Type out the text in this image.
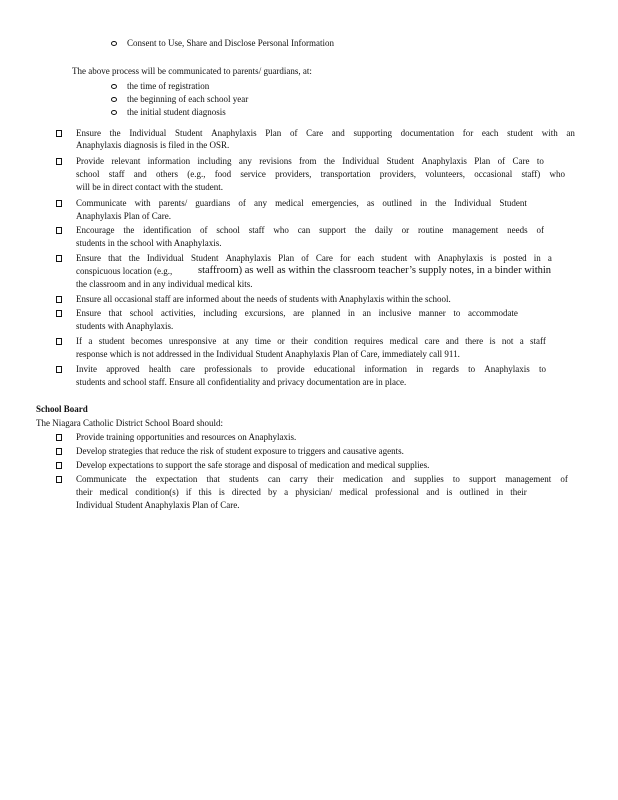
Consent to Use, Share and Disclose Personal Information
The above process will be communicated to parents/ guardians, at:
the time of registration
the beginning of each school year
the initial student diagnosis
Ensure the Individual Student Anaphylaxis Plan of Care and supporting documentation for each student with an
Anaphylaxis diagnosis is filed in the OSR.
Provide relevant information including any revisions from the Individual Student Anaphylaxis Plan of Care to
school staff and others (e.g., food service providers, transportation providers, volunteers, occasional staff) who
will be in direct contact with the student.
Communicate with parents/ guardians of any medical emergencies, as outlined in the Individual Student
Anaphylaxis Plan of Care.
Encourage the identification of school staff who can support the daily or routine management needs of
students in the school with Anaphylaxis.
Ensure that the Individual Student Anaphylaxis Plan of Care for each student with Anaphylaxis is posted in a
conspicuous location (e.g., staffroom) as well as within the classroom teacher’s supply notes, in a binder within
the classroom and in any individual medical kits.
Ensure all occasional staff are informed about the needs of students with Anaphylaxis within the school.
Ensure that school activities, including excursions, are planned in an inclusive manner to accommodate
students with Anaphylaxis.
If a student becomes unresponsive at any time or their condition requires medical care and there is not a staff
response which is not addressed in the Individual Student Anaphylaxis Plan of Care, immediately call 911.
Invite approved health care professionals to provide educational information in regards to Anaphylaxis to
students and school staff. Ensure all confidentiality and privacy documentation are in place.
School Board
The Niagara Catholic District School Board should:
Provide training opportunities and resources on Anaphylaxis.
Develop strategies that reduce the risk of student exposure to triggers and causative agents.
Develop expectations to support the safe storage and disposal of medication and medical supplies.
Communicate the expectation that students can carry their medication and supplies to support management of
their medical condition(s) if this is directed by a physician/ medical professional and is outlined in their
Individual Student Anaphylaxis Plan of Care.
